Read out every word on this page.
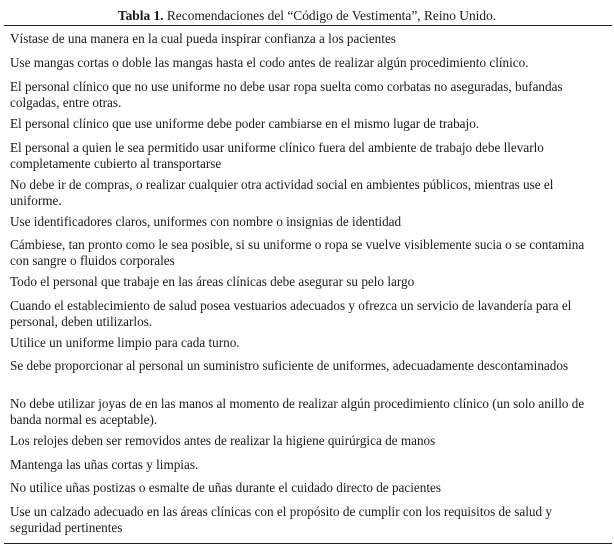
Tabla 1. Recomendaciones del “Código de Vestimenta”, Reino Unido.
Vístase de una manera en la cual pueda inspirar confianza a los pacientes
Use mangas cortas o doble las mangas hasta el codo antes de realizar algún procedimiento clínico.
El personal clínico que no use uniforme no debe usar ropa suelta como corbatas no aseguradas, bufandas
colgadas, entre otras.
El personal clínico que use uniforme debe poder cambiarse en el mismo lugar de trabajo.
El personal a quien le sea permitido usar uniforme clínico fuera del ambiente de trabajo debe llevarlo
completamente cubierto al transportarse
No debe ir de compras, o realizar cualquier otra actividad social en ambientes públicos, mientras use el
uniforme.
Use identificadores claros, uniformes con nombre o insignias de identidad
Cámbiese, tan pronto como le sea posible, si su uniforme o ropa se vuelve visiblemente sucia o se contamina
con sangre o fluidos corporales
Todo el personal que trabaje en las áreas clínicas debe asegurar su pelo largo
Cuando el establecimiento de salud posea vestuarios adecuados y ofrezca un servicio de lavandería para el
personal, deben utilizarlos.
Utilice un uniforme limpio para cada turno.
Se debe proporcionar al personal un suministro suficiente de uniformes, adecuadamente descontaminados
No debe utilizar joyas de en las manos al momento de realizar algún procedimiento clínico (un solo anillo de
banda normal es aceptable).
Los relojes deben ser removidos antes de realizar la higiene quirúrgica de manos
Mantenga las uñas cortas y limpias.
No utilice uñas postizas o esmalte de uñas durante el cuidado directo de pacientes
Use un calzado adecuado en las áreas clínicas con el propósito de cumplir con los requisitos de salud y
seguridad pertinentes
